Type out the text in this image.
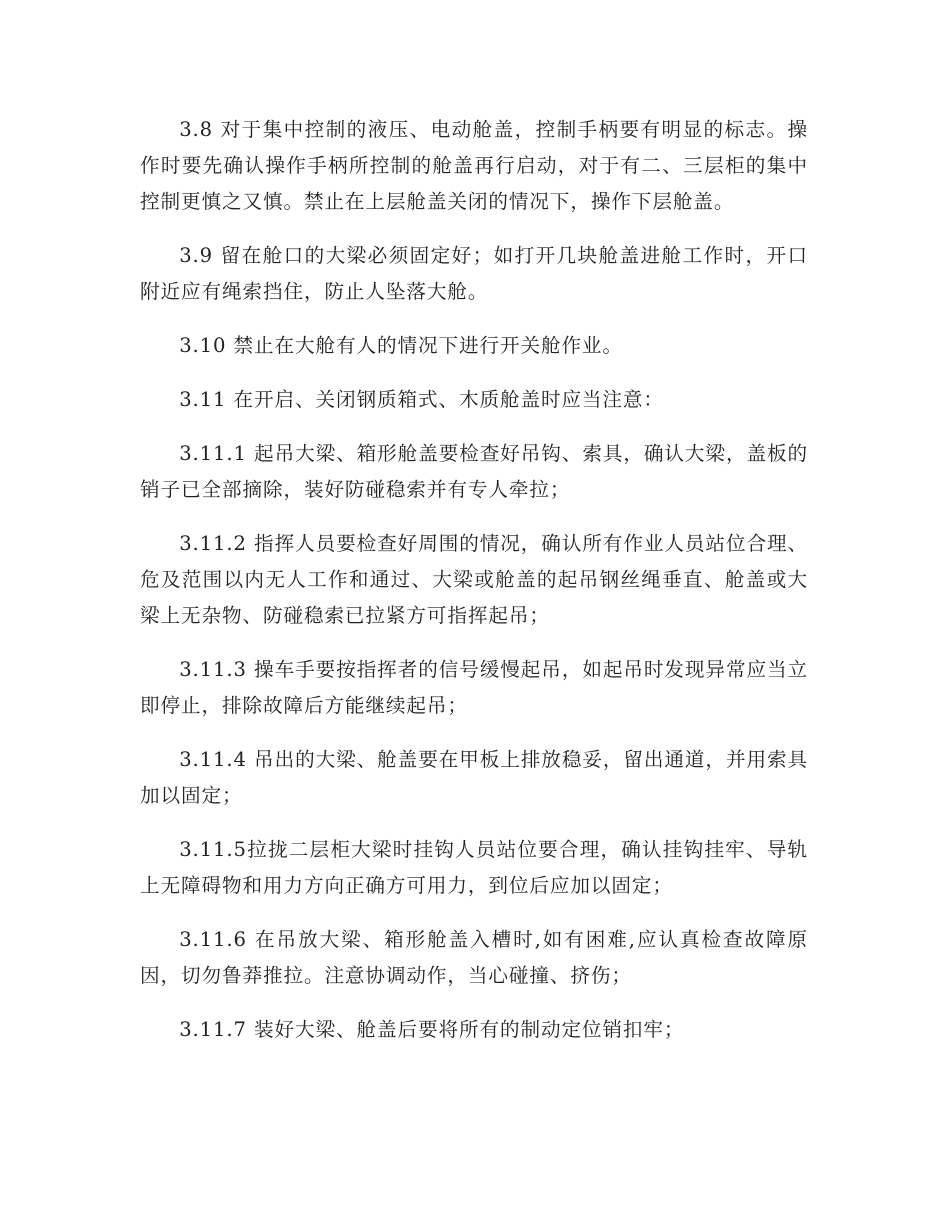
3.8 对于集中控制的液压、电动舱盖，控制手柄要有明显的标志。操作时要先确认操作手柄所控制的舱盖再行启动，对于有二、三层柜的集中控制更慎之又慎。禁止在上层舱盖关闭的情况下，操作下层舱盖。

3.9 留在舱口的大梁必须固定好；如打开几块舱盖进舱工作时，开口附近应有绳索挡住，防止人坠落大舱。

3.10 禁止在大舱有人的情况下进行开关舱作业。

3.11 在开启、关闭钢质箱式、木质舱盖时应当注意：

3.11.1 起吊大梁、箱形舱盖要检查好吊钩、索具，确认大梁，盖板的销子已全部摘除，装好防碰稳索并有专人牵拉；

3.11.2 指挥人员要检查好周围的情况，确认所有作业人员站位合理、危及范围以内无人工作和通过、大梁或舱盖的起吊钢丝绳垂直、舱盖或大梁上无杂物、防碰稳索已拉紧方可指挥起吊；

3.11.3 操车手要按指挥者的信号缓慢起吊，如起吊时发现异常应当立即停止，排除故障后方能继续起吊；

3.11.4 吊出的大梁、舱盖要在甲板上排放稳妥，留出通道，并用索具加以固定；

3.11.5拉拢二层柜大梁时挂钩人员站位要合理，确认挂钩挂牢、导轨上无障碍物和用力方向正确方可用力，到位后应加以固定；

3.11.6 在吊放大梁、箱形舱盖入槽时,如有困难,应认真检查故障原因，切勿鲁莽推拉。注意协调动作，当心碰撞、挤伤；

3.11.7 装好大梁、舱盖后要将所有的制动定位销扣牢；
